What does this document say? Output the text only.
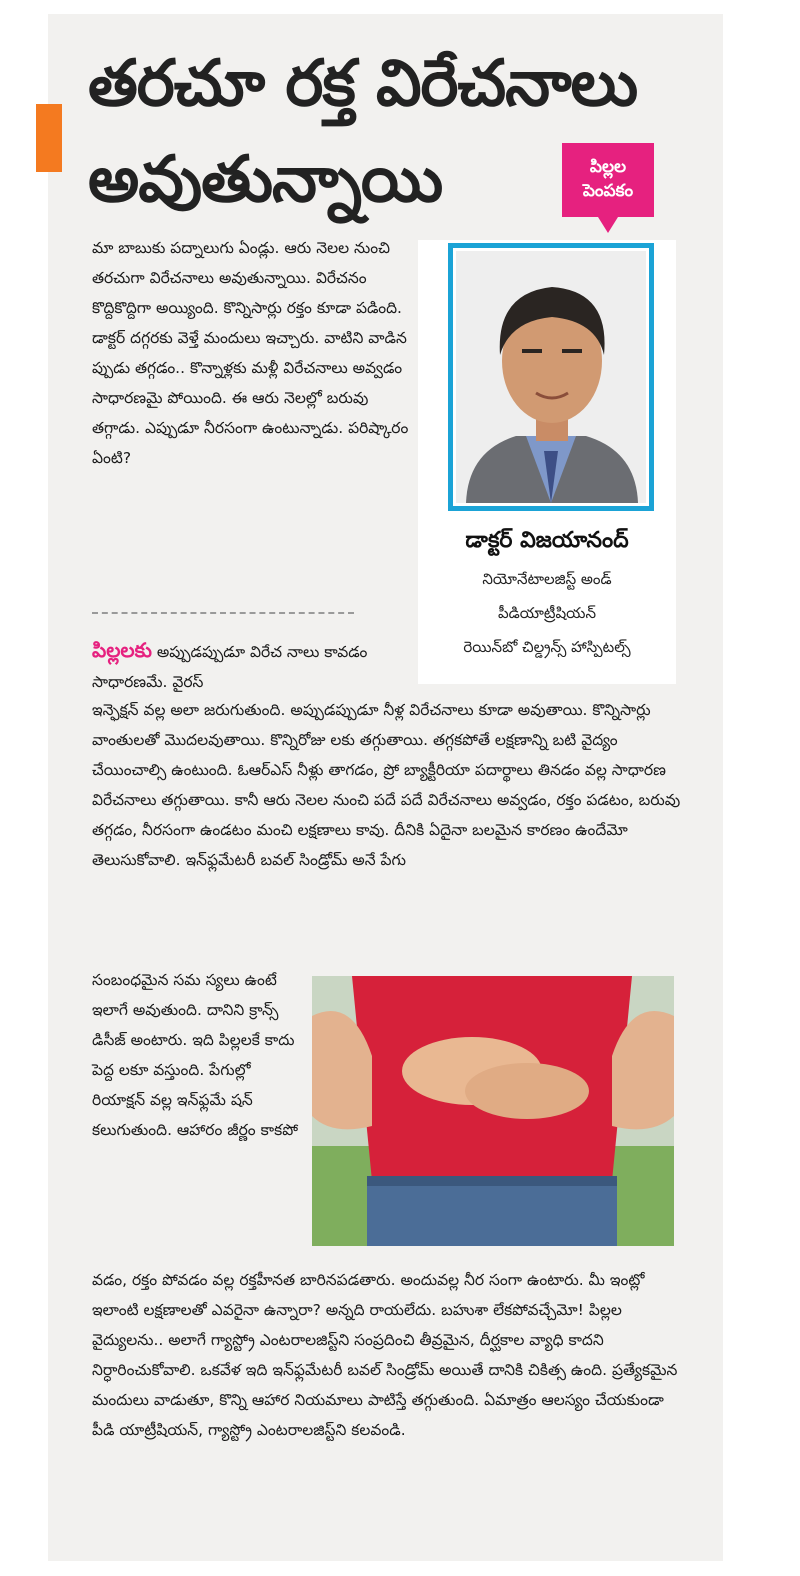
తరచూ రక్త విరేచనాలు
అవుతున్నాయి	పిల్లల
పెంపకం
డాక్టర్ విజయానంద్
నియోనేటాలజిస్ట్ అండ్
పీడియాట్రీషియన్
రెయిన్‌బో చిల్డ్రన్స్ హాస్పిటల్స్

మా బాబుకు పద్నాలుగు ఏండ్లు. ఆరు నెలల నుంచి తరచుగా విరేచనాలు అవుతున్నాయి. విరేచనం కొద్దికొద్దిగా అయ్యింది. కొన్నిసార్లు రక్తం కూడా పడింది. డాక్టర్ దగ్గరకు వెళ్తే మందులు ఇచ్చారు. వాటిని వాడిన ప్పుడు తగ్గడం.. కొన్నాళ్లకు మళ్లీ విరేచనాలు అవ్వడం సాధారణమై పోయింది. ఈ ఆరు నెలల్లో బరువు తగ్గాడు. ఎప్పుడూ నీరసంగా ఉంటున్నాడు. పరిష్కారం ఏంటి?

పిల్లలకు అప్పుడప్పుడూ విరేచ నాలు కావడం సాధారణమే. వైరస్

ఇన్ఫెక్షన్ వల్ల అలా జరుగుతుంది. అప్పుడప్పుడూ నీళ్ల విరేచనాలు కూడా అవుతాయి. కొన్నిసార్లు వాంతులతో మొదలవుతాయి. కొన్నిరోజు లకు తగ్గుతాయి. తగ్గకపోతే లక్షణాన్ని బటి వైద్యం చేయించాల్సి ఉంటుంది. ఓఆర్ఎస్ నీళ్లు తాగడం, ప్రో బ్యాక్టీరియా పదార్థాలు తినడం వల్ల సాధారణ విరేచనాలు తగ్గుతాయి. కానీ ఆరు నెలల నుంచి పదే పదే విరేచనాలు అవ్వడం, రక్తం పడటం, బరువు తగ్గడం, నీరసంగా ఉండటం మంచి లక్షణాలు కావు. దీనికి ఏదైనా బలమైన కారణం ఉందేమో తెలుసుకోవాలి. ఇన్‌ఫ్లమేటరీ బవల్ సిండ్రోమ్ అనే పేగు

సంబంధమైన సమ స్యలు ఉంటే ఇలాగే అవుతుంది. దానిని క్రాన్స్ డిసీజ్ అంటారు. ఇది పిల్లలకే కాదు పెద్ద లకూ వస్తుంది. పేగుల్లో రియాక్షన్ వల్ల ఇన్‌ఫ్లమే షన్ కలుగుతుంది. ఆహారం జీర్ణం కాకపో

వడం, రక్తం పోవడం వల్ల రక్తహీనత బారినపడతారు. అందువల్ల నీర సంగా ఉంటారు. మీ ఇంట్లో ఇలాంటి లక్షణాలతో ఎవరైనా ఉన్నారా? అన్నది రాయలేదు. బహుశా లేకపోవచ్చేమో! పిల్లల వైద్యులను.. అలాగే గ్యాస్ట్రో ఎంటరాలజిస్ట్‌ని సంప్రదించి తీవ్రమైన, దీర్ఘకాల వ్యాధి కాదని నిర్ధారించుకోవాలి. ఒకవేళ ఇది ఇన్‌ఫ్లమేటరీ బవల్ సిండ్రోమ్ అయితే దానికి చికిత్స ఉంది. ప్రత్యేకమైన మందులు వాడుతూ, కొన్ని ఆహార నియమాలు పాటిస్తే తగ్గుతుంది. ఏమాత్రం ఆలస్యం చేయకుండా పీడి యాట్రీషియన్, గ్యాస్ట్రో ఎంటరాలజిస్ట్‌ని కలవండి.
